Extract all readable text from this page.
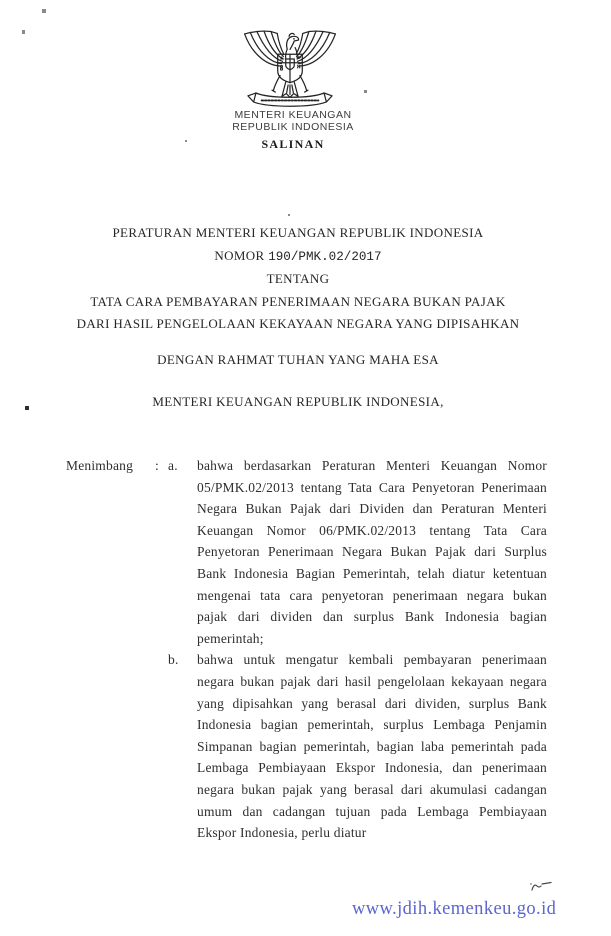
MENTERI KEUANGAN
REPUBLIK INDONESIA
SALINAN
PERATURAN MENTERI KEUANGAN REPUBLIK INDONESIA
NOMOR 190/PMK.02/2017
TENTANG
TATA CARA PEMBAYARAN PENERIMAAN NEGARA BUKAN PAJAK
DARI HASIL PENGELOLAAN KEKAYAAN NEGARA YANG DIPISAHKAN
DENGAN RAHMAT TUHAN YANG MAHA ESA
MENTERI KEUANGAN REPUBLIK INDONESIA,
Menimbang	: a.	bahwa berdasarkan Peraturan Menteri Keuangan Nomor 05/PMK.02/2013 tentang Tata Cara Penyetoran Penerimaan Negara Bukan Pajak dari Dividen dan Peraturan Menteri Keuangan Nomor 06/PMK.02/2013 tentang Tata Cara Penyetoran Penerimaan Negara Bukan Pajak dari Surplus Bank Indonesia Bagian Pemerintah, telah diatur ketentuan mengenai tata cara penyetoran penerimaan negara bukan pajak dari dividen dan surplus Bank Indonesia bagian pemerintah;
b.	bahwa untuk mengatur kembali pembayaran penerimaan negara bukan pajak dari hasil pengelolaan kekayaan negara yang dipisahkan yang berasal dari dividen, surplus Bank Indonesia bagian pemerintah, surplus Lembaga Penjamin Simpanan bagian pemerintah, bagian laba pemerintah pada Lembaga Pembiayaan Ekspor Indonesia, dan penerimaan negara bukan pajak yang berasal dari akumulasi cadangan umum dan cadangan tujuan pada Lembaga Pembiayaan Ekspor Indonesia, perlu diatur
www.jdih.kemenkeu.go.id
